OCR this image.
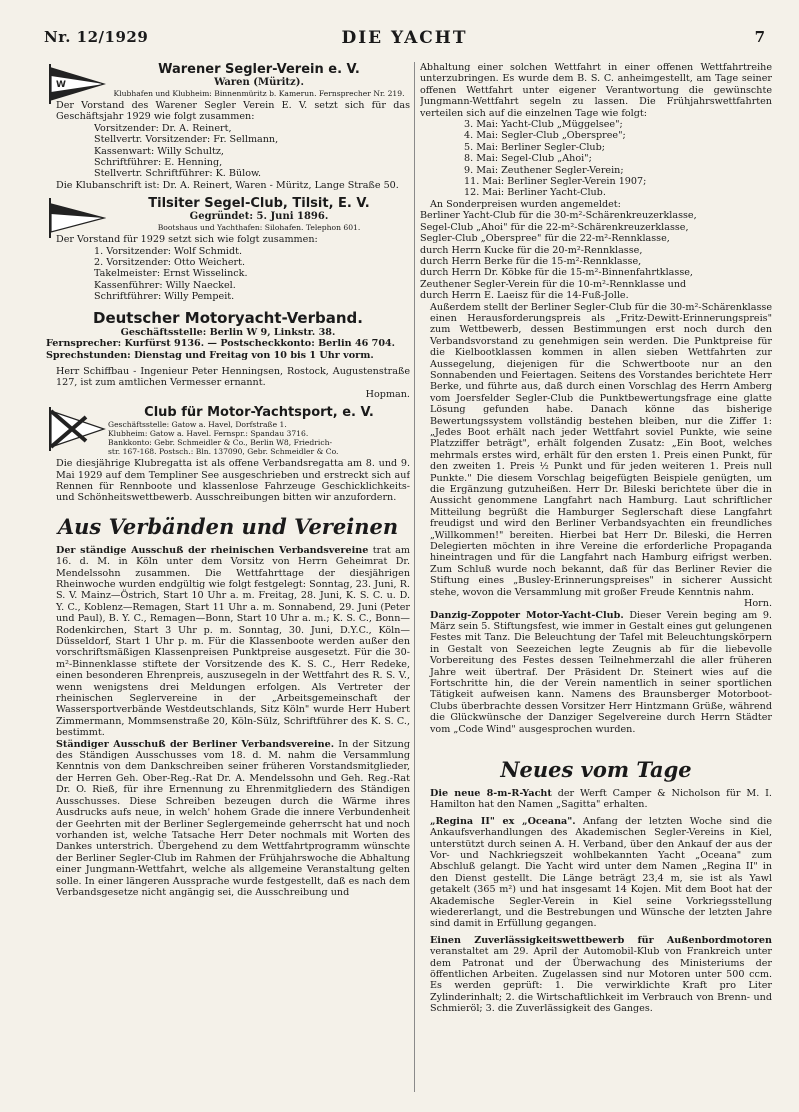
Nr. 12/1929	DIE YACHT	7
W
Warener Segler-Verein e. V.
Waren (Müritz).
Klubhafen und Klubheim: Binnenmüritz b. Kamerun. Fernsprecher Nr. 219.

Der Vorstand des Warener Segler Verein E. V. setzt sich für das Geschäftsjahr 1929 wie folgt zusammen:

Vorsitzender: Dr. A. Reinert,
Stellvertr. Vorsitzender: Fr. Sellmann,
Kassenwart: Willy Schultz,
Schriftführer: E. Henning,
Stellvertr. Schriftführer: K. Bülow.

Die Klubanschrift ist: Dr. A. Reinert, Waren - Müritz, Lange Straße 50.

Tilsiter Segel-Club, Tilsit, E. V.
Gegründet: 5. Juni 1896.
Bootshaus und Yachthafen: Silohafen. Telephon 601.

Der Vorstand für 1929 setzt sich wie folgt zusammen:

1. Vorsitzender: Wolf Schmidt.
2. Vorsitzender: Otto Weichert.
Takelmeister: Ernst Wisselinck.
Kassenführer: Willy Naeckel.
Schriftführer: Willy Pempeit.
Deutscher Motoryacht-Verband.
Geschäftsstelle: Berlin W 9, Linkstr. 38.
Fernsprecher: Kurfürst 9136. — Postscheckkonto: Berlin 46 704.
Sprechstunden: Dienstag und Freitag von 10 bis 1 Uhr vorm.

Herr Schiffbau - Ingenieur Peter Henningsen, Rostock, Augustenstraße 127, ist zum amtlichen Vermesser ernannt.

Hopman.
Club für Motor-Yachtsport, e. V.
Geschäftsstelle: Gatow a. Havel, Dorfstraße 1.
Klubheim: Gatow a. Havel. Fernspr.: Spandau 3716.
Bankkonto: Gebr. Schmeidler & Co., Berlin W8, Friedrich-
str. 167-168. Postsch.: Bln. 137090, Gebr. Schmeidler & Co.

Die diesjährige Klubregatta ist als offene Verbandsregatta am 8. und 9. Mai 1929 auf dem Templiner See ausgeschrieben und erstreckt sich auf Rennen für Rennboote und klassenlose Fahrzeuge Geschicklichkeits- und Schönheitswettbewerb. Ausschreibungen bitten wir anzufordern.

Aus Verbänden und Vereinen

Der ständige Ausschuß der rheinischen Verbandsvereine trat am 16. d. M. in Köln unter dem Vorsitz von Herrn Geheimrat Dr. Mendelssohn zusammen. Die Wettfahrttage der diesjährigen Rheinwoche wurden endgültig wie folgt festgelegt: Sonntag, 23. Juni, R. S. V. Mainz—Östrich, Start 10 Uhr a. m. Freitag, 28. Juni, K. S. C. u. D. Y. C., Koblenz—Remagen, Start 11 Uhr a. m. Sonnabend, 29. Juni (Peter und Paul), B. Y. C., Remagen—Bonn, Start 10 Uhr a. m.; K. S. C., Bonn—Rodenkirchen, Start 3 Uhr p. m. Sonntag, 30. Juni, D.Y.C., Köln—Düsseldorf, Start 1 Uhr p. m. Für die Klassenboote werden außer den vorschriftsmäßigen Klassenpreisen Punktpreise ausgesetzt. Für die 30-m²-Binnenklasse stiftete der Vorsitzende des K. S. C., Herr Redeke, einen besonderen Ehrenpreis, auszusegeln in der Wettfahrt des R. S. V., wenn wenigstens drei Meldungen erfolgen. Als Vertreter der rheinischen Seglervereine in der „Arbeitsgemeinschaft der Wassersportverbände Westdeutschlands, Sitz Köln" wurde Herr Hubert Zimmermann, Mommsenstraße 20, Köln-Sülz, Schriftführer des K. S. C., bestimmt.

Ständiger Ausschuß der Berliner Verbandsvereine. In der Sitzung des Ständigen Ausschusses vom 18. d. M. nahm die Versammlung Kenntnis von dem Dankschreiben seiner früheren Vorstandsmitglieder, der Herren Geh. Ober-Reg.-Rat Dr. A. Mendelssohn und Geh. Reg.-Rat Dr. O. Rieß, für ihre Ernennung zu Ehrenmitgliedern des Ständigen Ausschusses. Diese Schreiben bezeugen durch die Wärme ihres Ausdrucks aufs neue, in welch' hohem Grade die innere Verbundenheit der Geehrten mit der Berliner Seglergemeinde geherrscht hat und noch vorhanden ist, welche Tatsache Herr Deter nochmals mit Worten des Dankes unterstrich. Übergehend zu dem Wettfahrtprogramm wünschte der Berliner Segler-Club im Rahmen der Frühjahrswoche die Abhaltung einer Jungmann-Wettfahrt, welche als allgemeine Veranstaltung gelten solle. In einer längeren Aussprache wurde festgestellt, daß es nach dem Verbandsgesetze nicht angängig sei, die Ausschreibung und

Abhaltung einer solchen Wettfahrt in einer offenen Wettfahrtreihe unterzubringen. Es wurde dem B. S. C. anheimgestellt, am Tage seiner offenen Wettfahrt unter eigener Verantwortung die gewünschte Jungmann-Wettfahrt segeln zu lassen. Die Frühjahrswettfahrten verteilen sich auf die einzelnen Tage wie folgt:

3. Mai: Yacht-Club „Müggelsee";
4. Mai: Segler-Club „Oberspree";
5. Mai: Berliner Segler-Club;
8. Mai: Segel-Club „Ahoi";
9. Mai: Zeuthener Segler-Verein;
11. Mai: Berliner Segler-Verein 1907;
12. Mai: Berliner Yacht-Club.
An Sonderpreisen wurden angemeldet:
Berliner Yacht-Club für die 30-m²-Schärenkreuzerklasse,
Segel-Club „Ahoi" für die 22-m²-Schärenkreuzerklasse,
Segler-Club „Oberspree" für die 22-m²-Rennklasse,
durch Herrn Kucke für die 20-m²-Rennklasse,
durch Herrn Berke für die 15-m²-Rennklasse,
durch Herrn Dr. Köbke für die 15-m²-Binnenfahrtklasse,
Zeuthener Segler-Verein für die 10-m²-Rennklasse und
durch Herrn E. Laeisz für die 14-Fuß-Jolle.

Außerdem stellt der Berliner Segler-Club für die 30-m²-Schärenklasse einen Herausforderungspreis als „Fritz-Dewitt-Erinnerungspreis" zum Wettbewerb, dessen Bestimmungen erst noch durch den Verbandsvorstand zu genehmigen sein werden. Die Punktpreise für die Kielbootklassen kommen in allen sieben Wettfahrten zur Aussegelung, diejenigen für die Schwertboote nur an den Sonnabenden und Feiertagen. Seitens des Vorstandes berichtete Herr Berke, und führte aus, daß durch einen Vorschlag des Herrn Amberg vom Joersfelder Segler-Club die Punktbewertungsfrage eine glatte Lösung gefunden habe. Danach könne das bisherige Bewertungssystem vollständig bestehen bleiben, nur die Ziffer 1: „Jedes Boot erhält nach jeder Wettfahrt soviel Punkte, wie seine Platzziffer beträgt", erhält folgenden Zusatz: „Ein Boot, welches mehrmals erstes wird, erhält für den ersten 1. Preis einen Punkt, für den zweiten 1. Preis ½ Punkt und für jeden weiteren 1. Preis null Punkte." Die diesem Vorschlag beigefügten Beispiele genügten, um die Ergänzung gutzuheißen. Herr Dr. Bileski berichtete über die in Aussicht genommene Langfahrt nach Hamburg. Laut schriftlicher Mitteilung begrüßt die Hamburger Seglerschaft diese Langfahrt freudigst und wird den Berliner Verbandsyachten ein freundliches „Willkommen!" bereiten. Hierbei bat Herr Dr. Bileski, die Herren Delegierten möchten in ihre Vereine die erforderliche Propaganda hineintragen und für die Langfahrt nach Hamburg eifrigst werben. Zum Schluß wurde noch bekannt, daß für das Berliner Revier die Stiftung eines „Busley-Erinnerungspreises" in sicherer Aussicht stehe, wovon die Versammlung mit großer Freude Kenntnis nahm.

Horn.

Danzig-Zoppoter Motor-Yacht-Club. Dieser Verein beging am 9. März sein 5. Stiftungsfest, wie immer in Gestalt eines gut gelungenen Festes mit Tanz. Die Beleuchtung der Tafel mit Beleuchtungskörpern in Gestalt von Seezeichen legte Zeugnis ab für die liebevolle Vorbereitung des Festes dessen Teilnehmerzahl die aller früheren Jahre weit übertraf. Der Präsident Dr. Steinert wies auf die Fortschritte hin, die der Verein namentlich in seiner sportlichen Tätigkeit aufweisen kann. Namens des Braunsberger Motorboot-Clubs überbrachte dessen Vorsitzer Herr Hintzmann Grüße, während die Glückwünsche der Danziger Segelvereine durch Herrn Städter vom „Code Wind" ausgesprochen wurden.

Neues vom Tage

Die neue 8-m-R-Yacht der Werft Camper & Nicholson für M. I. Hamilton hat den Namen „Sagitta" erhalten.

„Regina II" ex „Oceana". Anfang der letzten Woche sind die Ankaufsverhandlungen des Akademischen Segler-Vereins in Kiel, unterstützt durch seinen A. H. Verband, über den Ankauf der aus der Vor- und Nachkriegszeit wohlbekannten Yacht „Oceana" zum Abschluß gelangt. Die Yacht wird unter dem Namen „Regina II" in den Dienst gestellt. Die Länge beträgt 23,4 m, sie ist als Yawl getakelt (365 m²) und hat insgesamt 14 Kojen. Mit dem Boot hat der Akademische Segler-Verein in Kiel seine Vorkriegsstellung wiedererlangt, und die Bestrebungen und Wünsche der letzten Jahre sind damit in Erfüllung gegangen.

Einen Zuverlässigkeitswettbewerb für Außenbordmotoren veranstaltet am 29. April der Automobil-Klub von Frankreich unter dem Patronat und der Überwachung des Ministeriums der öffentlichen Arbeiten. Zugelassen sind nur Motoren unter 500 ccm. Es werden geprüft: 1. Die verwirklichte Kraft pro Liter Zylinderinhalt; 2. die Wirtschaftlichkeit im Verbrauch von Brenn- und Schmieröl; 3. die Zuverlässigkeit des Ganges.
